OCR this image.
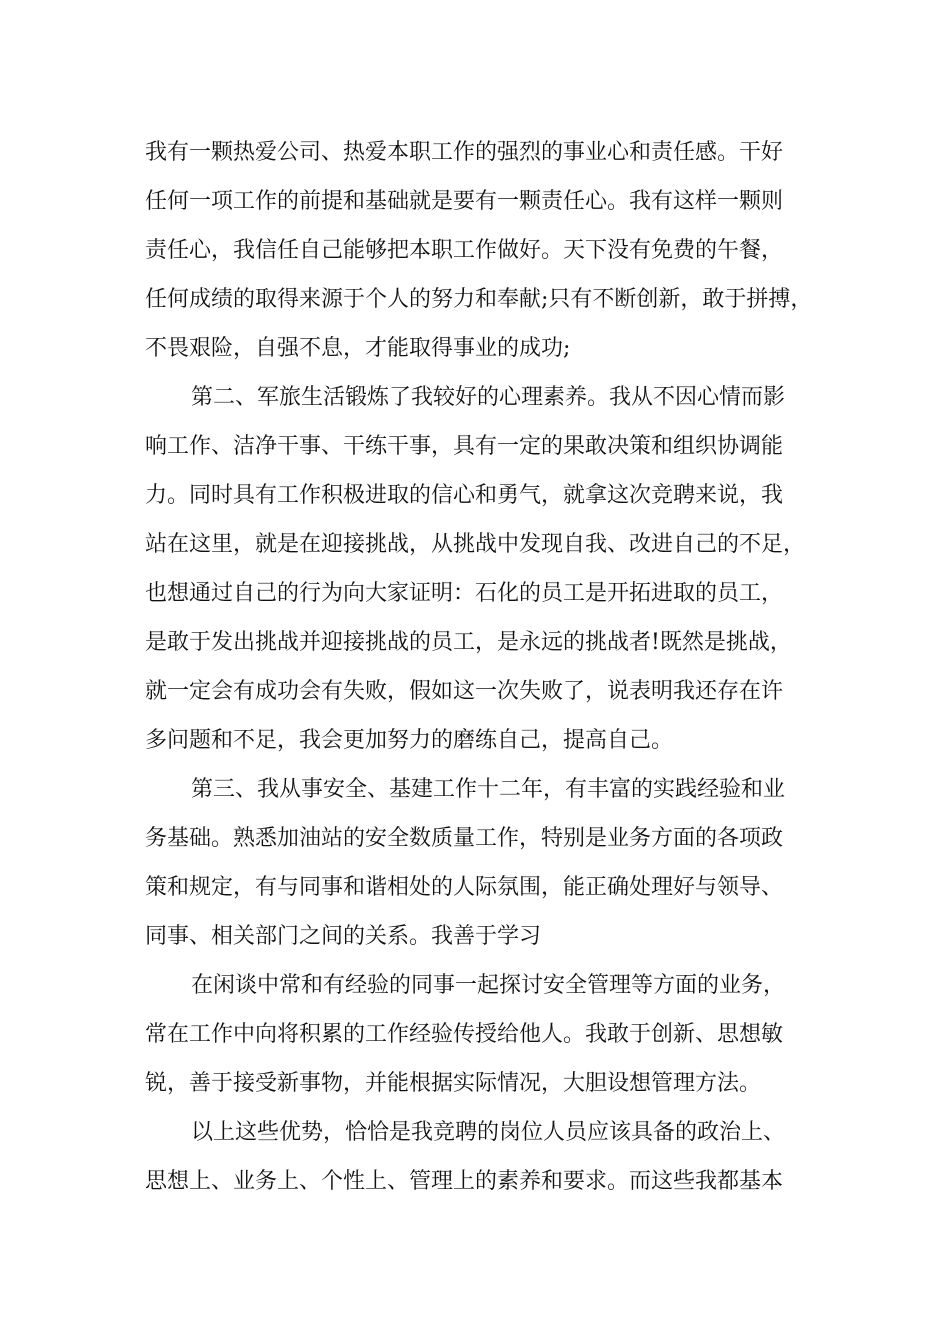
我有一颗热爱公司、热爱本职工作的强烈的事业心和责任感。干好
任何一项工作的前提和基础就是要有一颗责任心。我有这样一颗则
责任心，我信任自己能够把本职工作做好。天下没有免费的午餐，
任何成绩的取得来源于个人的努力和奉献;只有不断创新，敢于拼搏，
不畏艰险，自强不息，才能取得事业的成功;
第二、军旅生活锻炼了我较好的心理素养。我从不因心情而影
响工作、洁净干事、干练干事，具有一定的果敢决策和组织协调能
力。同时具有工作积极进取的信心和勇气，就拿这次竞聘来说，我
站在这里，就是在迎接挑战，从挑战中发现自我、改进自己的不足，
也想通过自己的行为向大家证明：石化的员工是开拓进取的员工，
是敢于发出挑战并迎接挑战的员工，是永远的挑战者!既然是挑战，
就一定会有成功会有失败，假如这一次失败了，说表明我还存在许
多问题和不足，我会更加努力的磨练自己，提高自己。
第三、我从事安全、基建工作十二年，有丰富的实践经验和业
务基础。熟悉加油站的安全数质量工作，特别是业务方面的各项政
策和规定，有与同事和谐相处的人际氛围，能正确处理好与领导、
同事、相关部门之间的关系。我善于学习
在闲谈中常和有经验的同事一起探讨安全管理等方面的业务，
常在工作中向将积累的工作经验传授给他人。我敢于创新、思想敏
锐，善于接受新事物，并能根据实际情况，大胆设想管理方法。
以上这些优势，恰恰是我竞聘的岗位人员应该具备的政治上、
思想上、业务上、个性上、管理上的素养和要求。而这些我都基本
